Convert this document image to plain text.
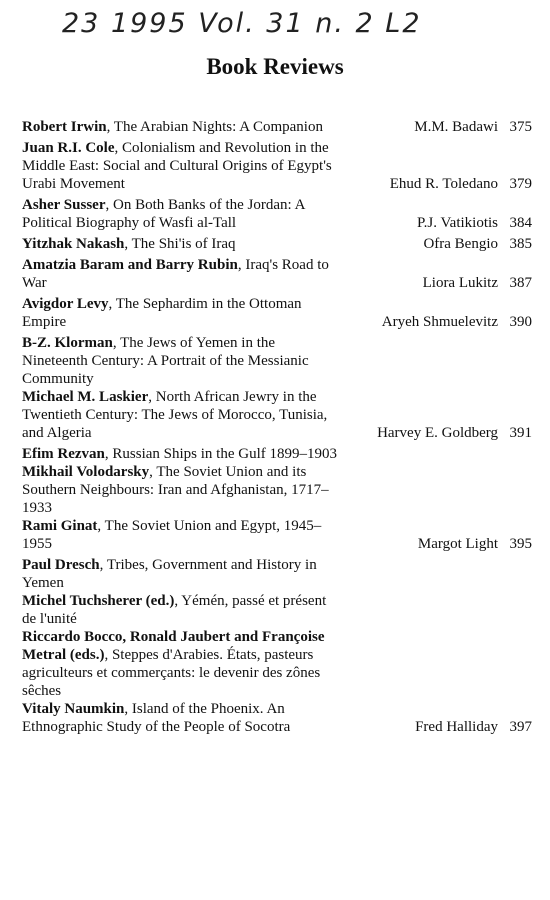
23 1995 Vol. 31 n. 2 L2
Book Reviews
Robert Irwin, The Arabian Nights: A Companion	M.M. Badawi 375
Juan R.I. Cole, Colonialism and Revolution in the Middle East: Social and Cultural Origins of Egypt's Urabi Movement	Ehud R. Toledano 379
Asher Susser, On Both Banks of the Jordan: A Political Biography of Wasfi al-Tall	P.J. Vatikiotis 384
Yitzhak Nakash, The Shi'is of Iraq	Ofra Bengio 385
Amatzia Baram and Barry Rubin, Iraq's Road to War	Liora Lukitz 387
Avigdor Levy, The Sephardim in the Ottoman Empire	Aryeh Shmuelevitz 390
B-Z. Klorman, The Jews of Yemen in the Nineteenth Century: A Portrait of the Messianic Community
Michael M. Laskier, North African Jewry in the Twentieth Century: The Jews of Morocco, Tunisia, and Algeria	Harvey E. Goldberg 391
Efim Rezvan, Russian Ships in the Gulf 1899–1903
Mikhail Volodarsky, The Soviet Union and its Southern Neighbours: Iran and Afghanistan, 1717–1933
Rami Ginat, The Soviet Union and Egypt, 1945–1955	Margot Light 395
Paul Dresch, Tribes, Government and History in Yemen
Michel Tuchsherer (ed.), Yémén, passé et présent de l'unité
Riccardo Bocco, Ronald Jaubert and Françoise Metral (eds.), Steppes d'Arabies. États, pasteurs agriculteurs et commerçants: le devenir des zônes sêches
Vitaly Naumkin, Island of the Phoenix. An Ethnographic Study of the People of Socotra	Fred Halliday 397
